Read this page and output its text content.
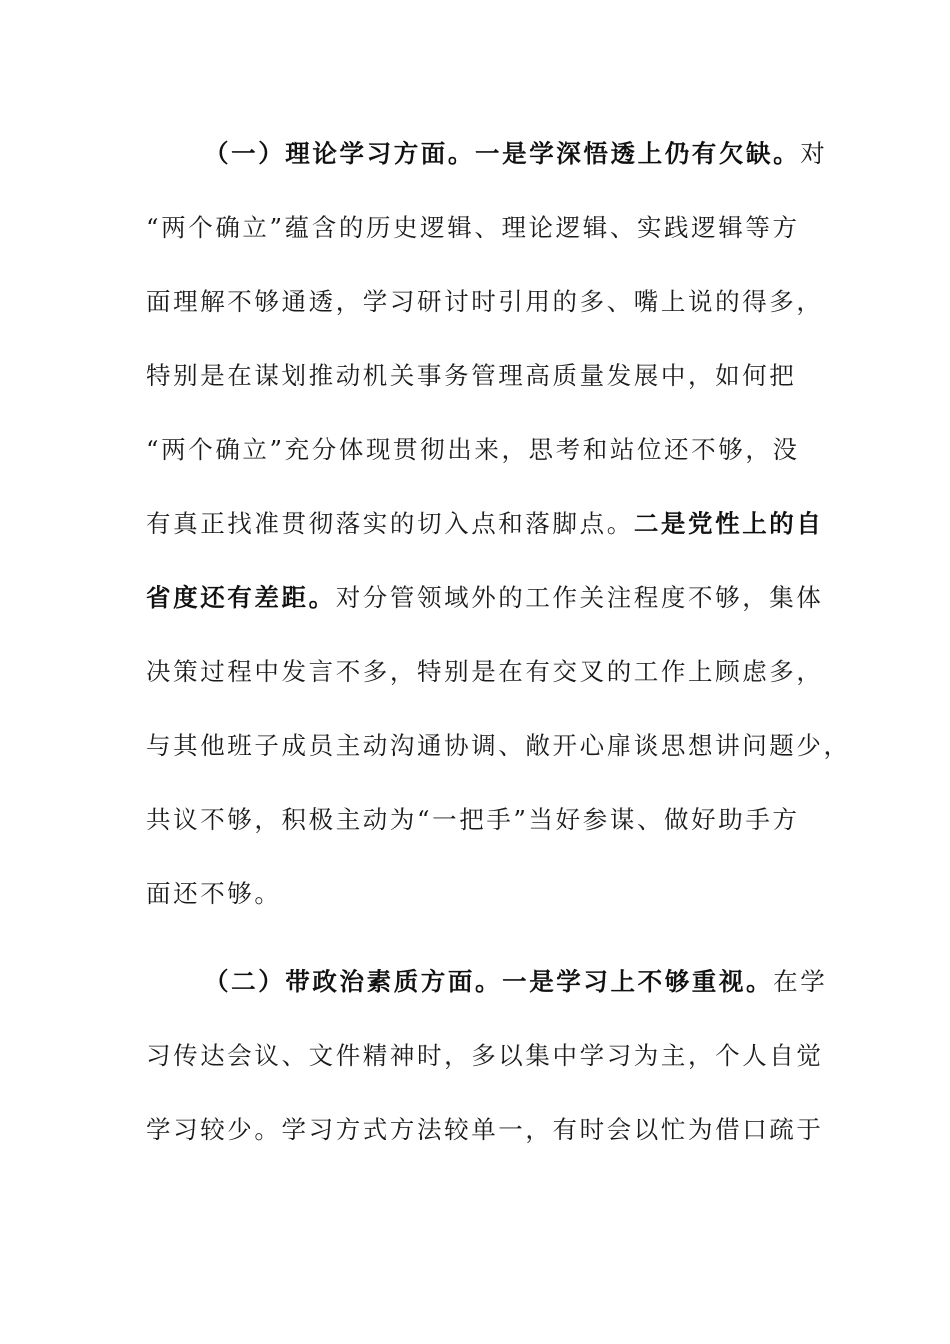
（一）理论学习方面。一是学深悟透上仍有欠缺。对
“两个确立”蕴含的历史逻辑、理论逻辑、实践逻辑等方
面理解不够通透，学习研讨时引用的多、嘴上说的得多，
特别是在谋划推动机关事务管理高质量发展中，如何把
“两个确立”充分体现贯彻出来，思考和站位还不够，没
有真正找准贯彻落实的切入点和落脚点。二是党性上的自
省度还有差距。对分管领域外的工作关注程度不够，集体
决策过程中发言不多，特别是在有交叉的工作上顾虑多，
与其他班子成员主动沟通协调、敞开心扉谈思想讲问题少，
共议不够，积极主动为“一把手”当好参谋、做好助手方
面还不够。
（二）带政治素质方面。一是学习上不够重视。在学
习传达会议、文件精神时，多以集中学习为主，个人自觉
学习较少。学习方式方法较单一，有时会以忙为借口疏于
